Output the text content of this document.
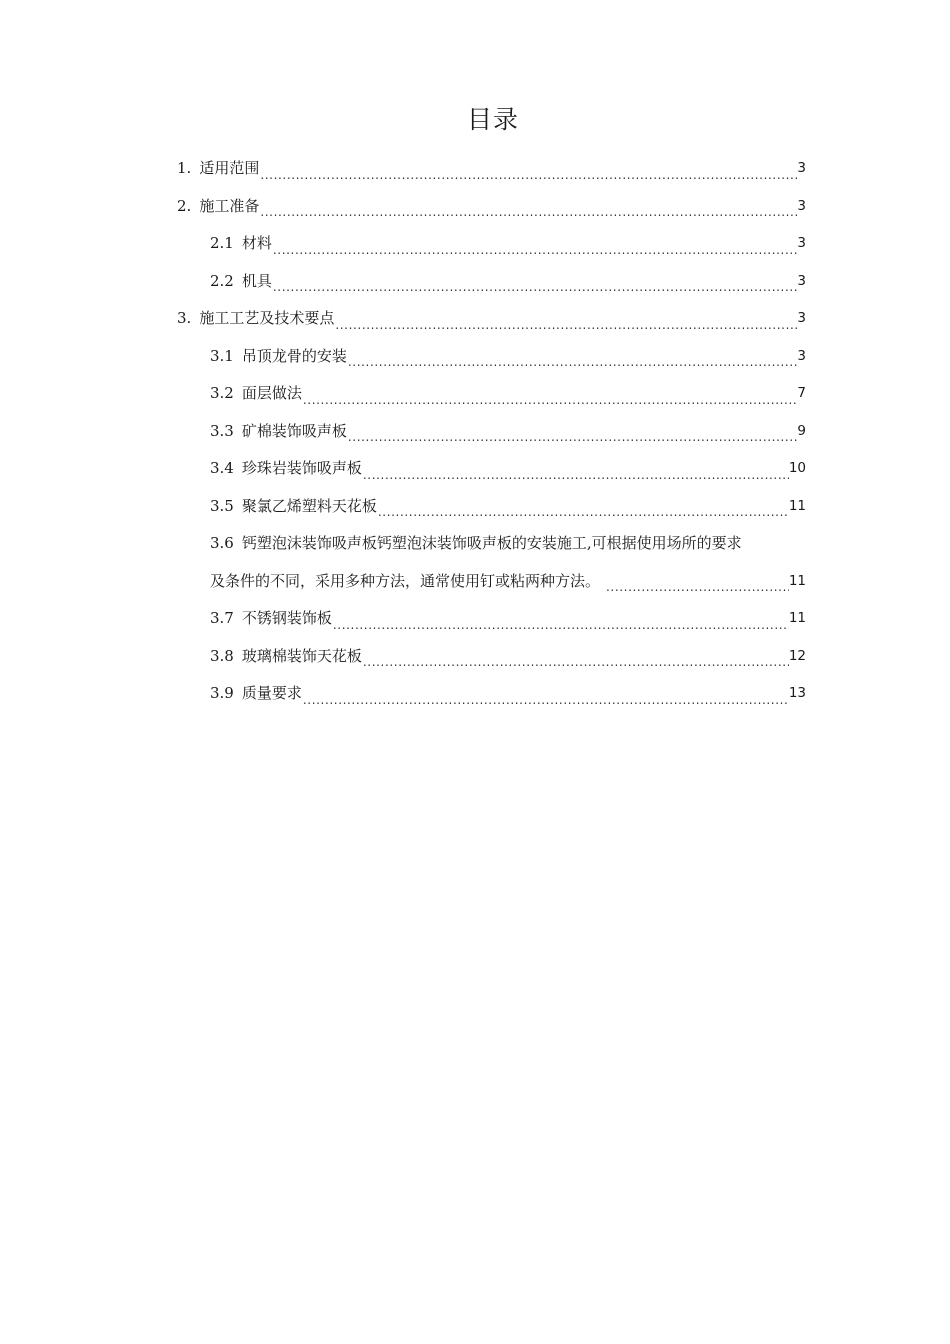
目录
1. 适用范围 .....	3
2. 施工准备 .....	3
2.1 材料 .....	3
2.2 机具 .....	3
3. 施工工艺及技术要点 .....	3
3.1 吊顶龙骨的安装 .....	3
3.2 面层做法 .....	7
3.3 矿棉装饰吸声板 .....	9
3.4 珍珠岩装饰吸声板 .....	10
3.5 聚氯乙烯塑料天花板 .....	11
3.6 钙塑泡沫装饰吸声板钙塑泡沫装饰吸声板的安装施工,可根据使用场所的要求
及条件的不同，采用多种方法，通常使用钉或粘两种方法。 .....	11
3.7 不锈钢装饰板 .....	11
3.8 玻璃棉装饰天花板 .....	12
3.9 质量要求 .....	13
